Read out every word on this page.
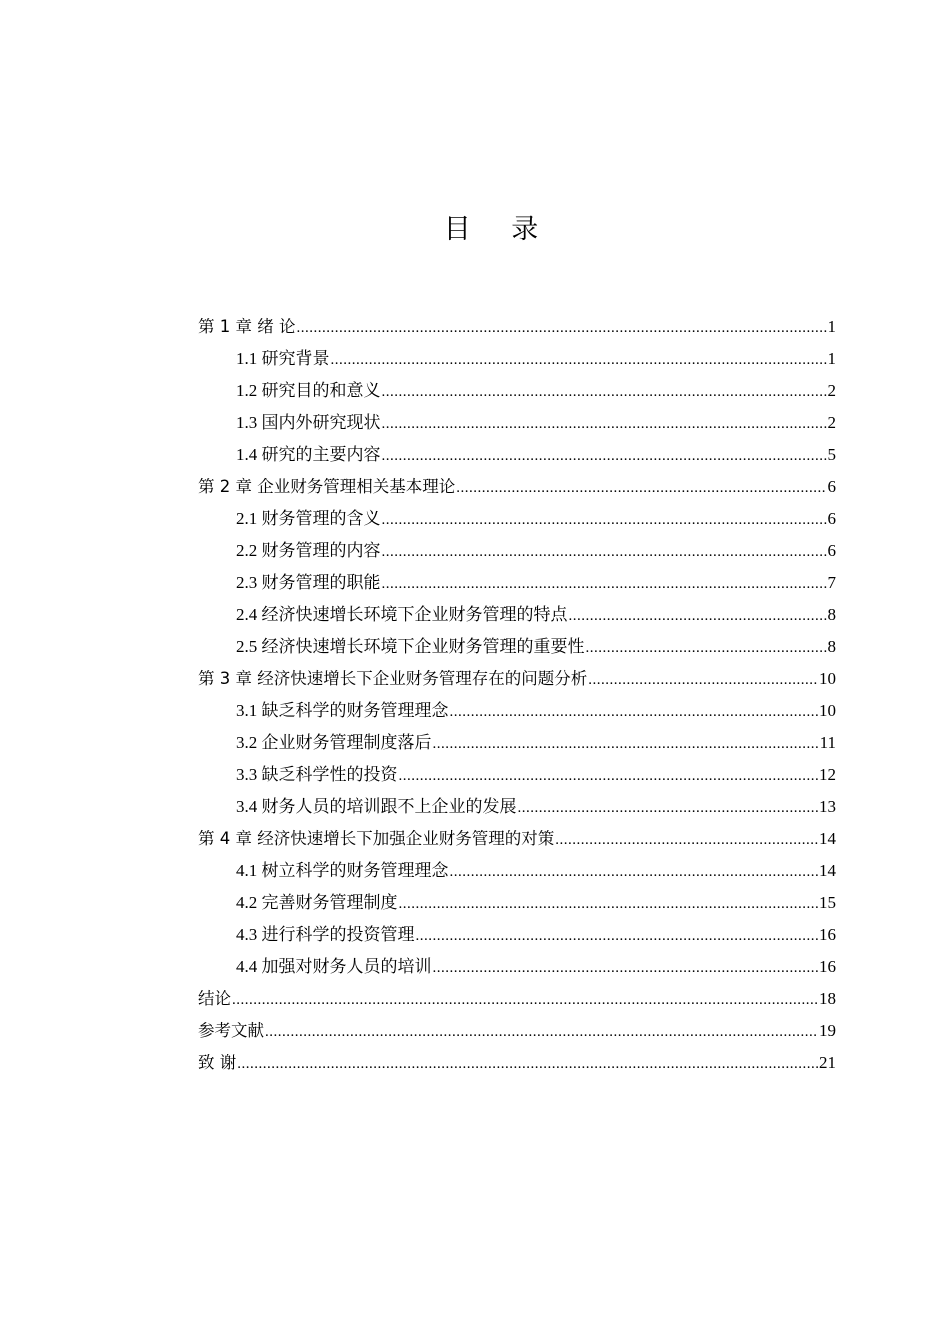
目 录
第 1 章 绪 论 .....	1
1.1 研究背景 .....	1
1.2 研究目的和意义 .....	2
1.3 国内外研究现状 .....	2
1.4 研究的主要内容 .....	5
第 2 章 企业财务管理相关基本理论 .....	6
2.1 财务管理的含义 .....	6
2.2 财务管理的内容 .....	6
2.3 财务管理的职能 .....	7
2.4 经济快速增长环境下企业财务管理的特点 .....	8
2.5 经济快速增长环境下企业财务管理的重要性 .....	8
第 3 章 经济快速增长下企业财务管理存在的问题分析 .....	10
3.1 缺乏科学的财务管理理念 .....	10
3.2 企业财务管理制度落后 .....	11
3.3 缺乏科学性的投资 .....	12
3.4 财务人员的培训跟不上企业的发展 .....	13
第 4 章 经济快速增长下加强企业财务管理的对策 .....	14
4.1 树立科学的财务管理理念 .....	14
4.2 完善财务管理制度 .....	15
4.3 进行科学的投资管理 .....	16
4.4 加强对财务人员的培训 .....	16
结论 .....	18
参考文献 .....	19
致 谢 .....	21
